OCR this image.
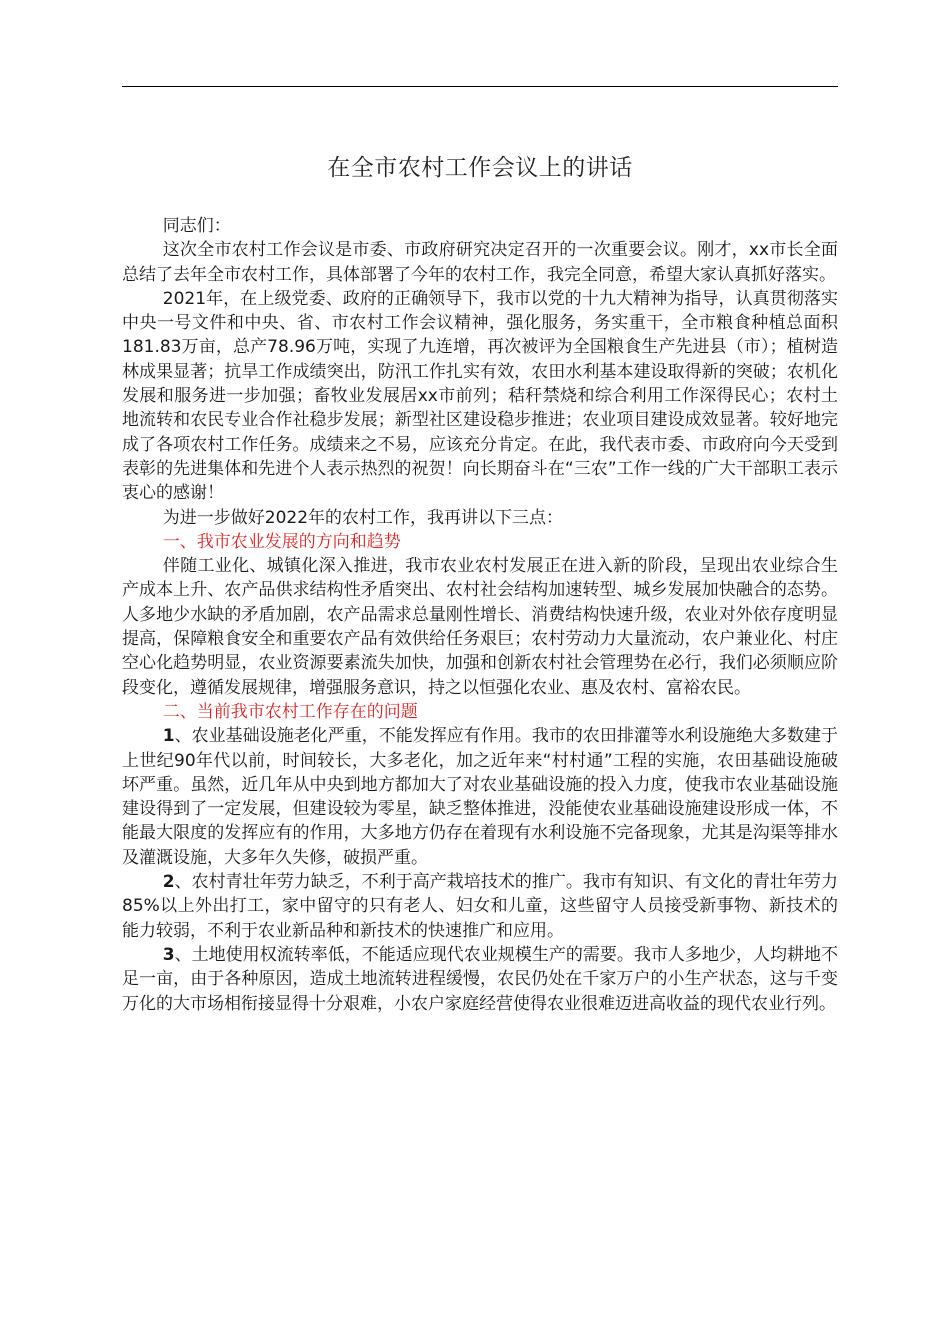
在全市农村工作会议上的讲话

同志们：

这次全市农村工作会议是市委、市政府研究决定召开的一次重要会议。刚才，xx市长全面总结了去年全市农村工作，具体部署了今年的农村工作，我完全同意，希望大家认真抓好落实。

2021年，在上级党委、政府的正确领导下，我市以党的十九大精神为指导，认真贯彻落实中央一号文件和中央、省、市农村工作会议精神，强化服务，务实重干，全市粮食种植总面积181.83万亩，总产78.96万吨，实现了九连增，再次被评为全国粮食生产先进县（市）；植树造林成果显著；抗旱工作成绩突出，防汛工作扎实有效，农田水利基本建设取得新的突破；农机化发展和服务进一步加强；畜牧业发展居xx市前列；秸秆禁烧和综合利用工作深得民心；农村土地流转和农民专业合作社稳步发展；新型社区建设稳步推进；农业项目建设成效显著。较好地完成了各项农村工作任务。成绩来之不易，应该充分肯定。在此，我代表市委、市政府向今天受到表彰的先进集体和先进个人表示热烈的祝贺！向长期奋斗在“三农”工作一线的广大干部职工表示衷心的感谢！

为进一步做好2022年的农村工作，我再讲以下三点：

一、我市农业发展的方向和趋势

伴随工业化、城镇化深入推进，我市农业农村发展正在进入新的阶段，呈现出农业综合生产成本上升、农产品供求结构性矛盾突出、农村社会结构加速转型、城乡发展加快融合的态势。人多地少水缺的矛盾加剧，农产品需求总量刚性增长、消费结构快速升级，农业对外依存度明显提高，保障粮食安全和重要农产品有效供给任务艰巨；农村劳动力大量流动，农户兼业化、村庄空心化趋势明显，农业资源要素流失加快，加强和创新农村社会管理势在必行，我们必须顺应阶段变化，遵循发展规律，增强服务意识，持之以恒强化农业、惠及农村、富裕农民。

二、当前我市农村工作存在的问题

1、农业基础设施老化严重，不能发挥应有作用。我市的农田排灌等水利设施绝大多数建于上世纪90年代以前，时间较长，大多老化，加之近年来“村村通”工程的实施，农田基础设施破坏严重。虽然，近几年从中央到地方都加大了对农业基础设施的投入力度，使我市农业基础设施建设得到了一定发展，但建设较为零星，缺乏整体推进，没能使农业基础设施建设形成一体，不能最大限度的发挥应有的作用，大多地方仍存在着现有水利设施不完备现象，尤其是沟渠等排水及灌溉设施，大多年久失修，破损严重。

2、农村青壮年劳力缺乏，不利于高产栽培技术的推广。我市有知识、有文化的青壮年劳力85%以上外出打工，家中留守的只有老人、妇女和儿童，这些留守人员接受新事物、新技术的能力较弱，不利于农业新品种和新技术的快速推广和应用。

3、土地使用权流转率低，不能适应现代农业规模生产的需要。我市人多地少，人均耕地不足一亩，由于各种原因，造成土地流转进程缓慢，农民仍处在千家万户的小生产状态，这与千变万化的大市场相衔接显得十分艰难，小农户家庭经营使得农业很难迈进高收益的现代农业行列。
